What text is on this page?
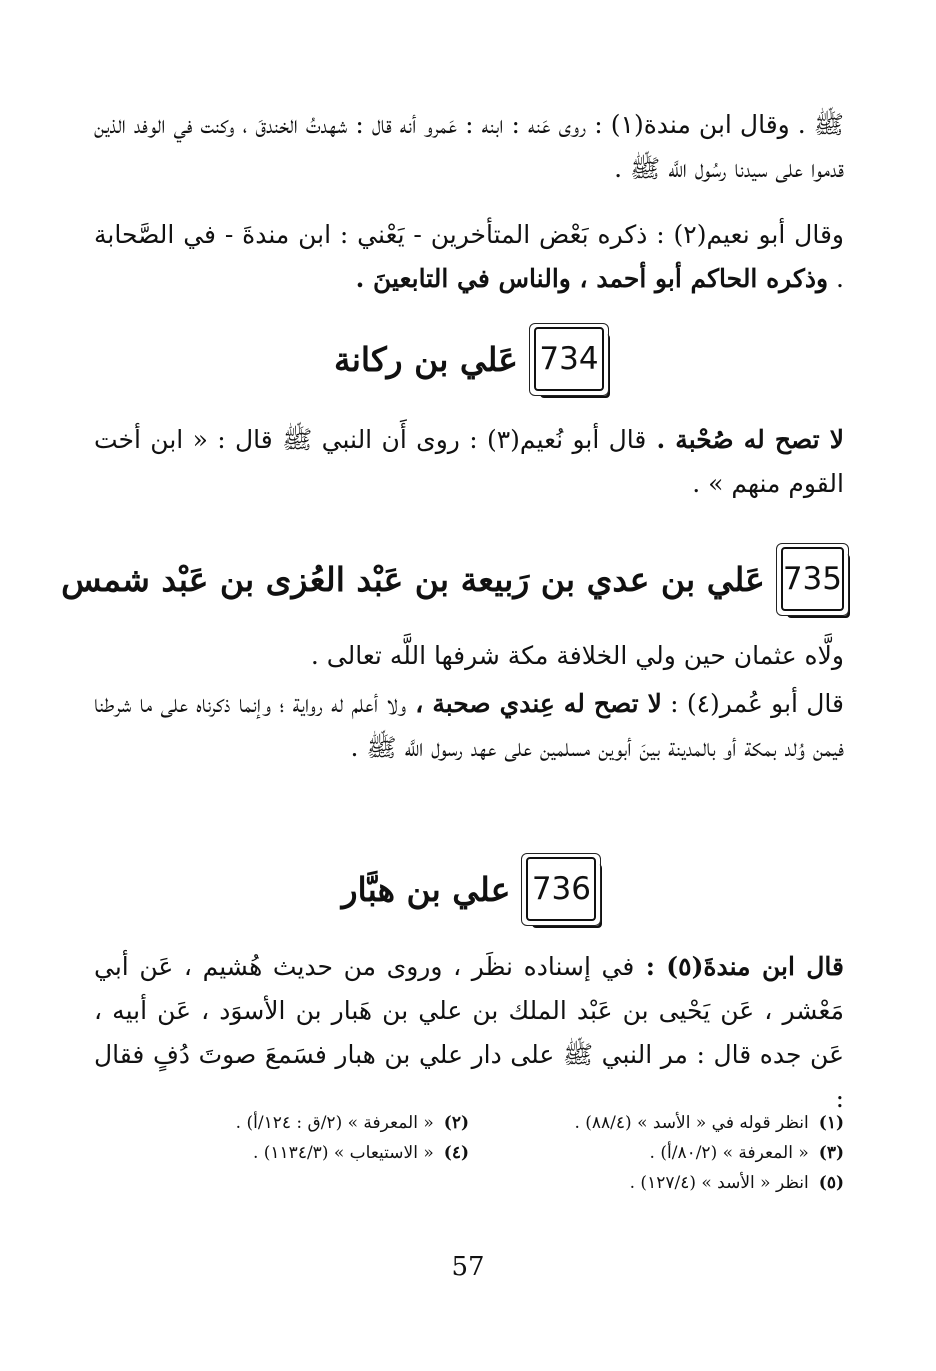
ﷺ . وقال ابن مندة(١) : روى عَنه : ابنه : عَمرو أنه قال : شهدتُ الخندقَ ، وكنت في الوفد الذين قدموا على سيدنا رسُول اللَّه ﷺ .

وقال أبو نعيم(٢) : ذكره بَعْض المتأخرين - يَعْني : ابن مندةَ - في الصَّحابة . وذكره الحاكم أبو أحمد ، والناس في التابعينَ .

734
عَلي بن ركانة

لا تصح له صُحْبة . قال أبو نُعيم(٣) : روى أَن النبي ﷺ قال : « ابن أخت القوم منهم » .

735
عَلي بن عدي بن رَبيعة بن عَبْد العُزى بن عَبْد شمس

ولَّاه عثمان حين ولي الخلافة مكة شرفها اللَّه تعالى .

قال أبو عُمر(٤) : لا تصح له عِندي صحبة ، ولا أعلم له رواية ؛ وإنما ذكرناه على ما شرطنا فيمن وُلد بمكة أو بالمدينة بينَ أبوين مسلمين على عهد رسول اللَّه ﷺ .

736
علي بن هبَّار

قال ابن مندةَ(٥) : في إسناده نظَر ، وروى من حديث هُشيم ، عَن أبي مَعْشر ، عَن يَحْيى بن عَبْد الملك بن علي بن هَبار بن الأسوَد ، عَن أبيه ، عَن جده قال : مر النبي ﷺ على دار علي بن هبار فسَمعَ صوتَ دُفٍ فقال :

(١)انظر قوله في « الأسد » (٨٨/٤) .
(٢)« المعرفة » (٢/ق : ١٢٤/أ) .
(٣)« المعرفة » (٨٠/٢/أ) .
(٤)« الاستيعاب » (١١٣٤/٣) .
(٥)انظر « الأسد » (١٢٧/٤) .
57
